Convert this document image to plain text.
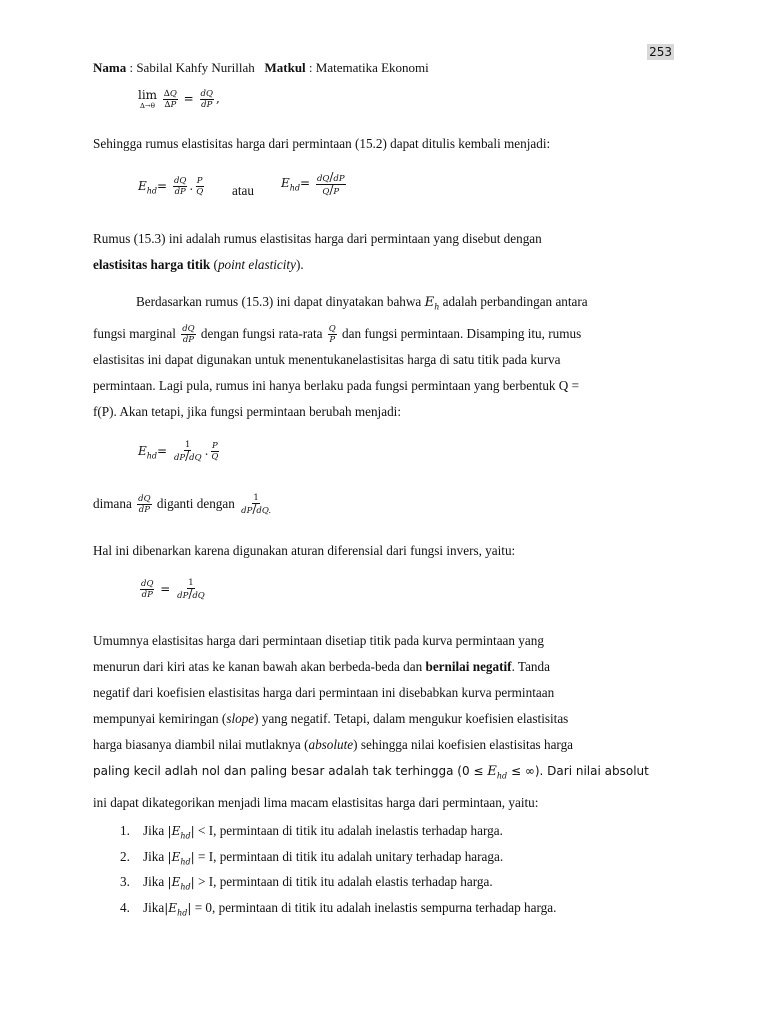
253
Nama : Sabilal Kahfy Nurillah Matkul : Matematika Ekonomi
lim
∆→θ
$\frac{\Delta Q}{\Delta P} = \frac{dQ}{dP}$ ,
Sehingga rumus elastisitas harga dari permintaan (15.2) dapat ditulis kembali menjadi:
$E_{hd}= \frac{dQ}{dP}$ . $\frac{P}{Q}$ atau $E_{hd}= \frac{dQ/dP}{Q/P}$
Rumus (15.3) ini adalah rumus elastisitas harga dari permintaan yang disebut dengan
elastisitas harga titik (point elasticity).
Berdasarkan rumus (15.3) ini dapat dinyatakan bahwa $E_h$ adalah perbandingan antara
fungsi marginal $\frac{dQ}{dP}$ dengan fungsi rata-rata $\frac{Q}{P}$ dan fungsi permintaan. Disamping itu, rumus
elastisitas ini dapat digunakan untuk menentukanelastisitas harga di satu titik pada kurva
permintaan. Lagi pula, rumus ini hanya berlaku pada fungsi permintaan yang berbentuk Q =
f(P). Akan tetapi, jika fungsi permintaan berubah menjadi:
$E_{hd}= \frac{1}{dP/dQ}$ . $\frac{P}{Q}$
dimana $\frac{dQ}{dP}$ diganti dengan $\frac{1}{dP/dQ.}$
Hal ini dibenarkan karena digunakan aturan diferensial dari fungsi invers, yaitu:
$\frac{dQ}{dP} = \frac{1}{dP/dQ}$
Umumnya elastisitas harga dari permintaan disetiap titik pada kurva permintaan yang
menurun dari kiri atas ke kanan bawah akan berbeda-beda dan bernilai negatif. Tanda
negatif dari koefisien elastisitas harga dari permintaan ini disebabkan kurva permintaan
mempunyai kemiringan (slope) yang negatif. Tetapi, dalam mengukur koefisien elastisitas
harga biasanya diambil nilai mutlaknya (absolute) sehingga nilai koefisien elastisitas harga
paling kecil adlah nol dan paling besar adalah tak terhingga ($0 \le E_{hd}$ ≤ ∞). Dari nilai absolut
ini dapat dikategorikan menjadi lima macam elastisitas harga dari permintaan, yaitu:
1. Jika $|E_{hd}| < I$, permintaan di titik itu adalah inelastis terhadap harga.
2. Jika $|E_{hd}| = I$, permintaan di titik itu adalah unitary terhadap haraga.
3. Jika $|E_{hd}| > I$, permintaan di titik itu adalah elastis terhadap harga.
4. $Jika|E_{hd}| = 0$, permintaan di titik itu adalah inelastis sempurna terhadap harga.
